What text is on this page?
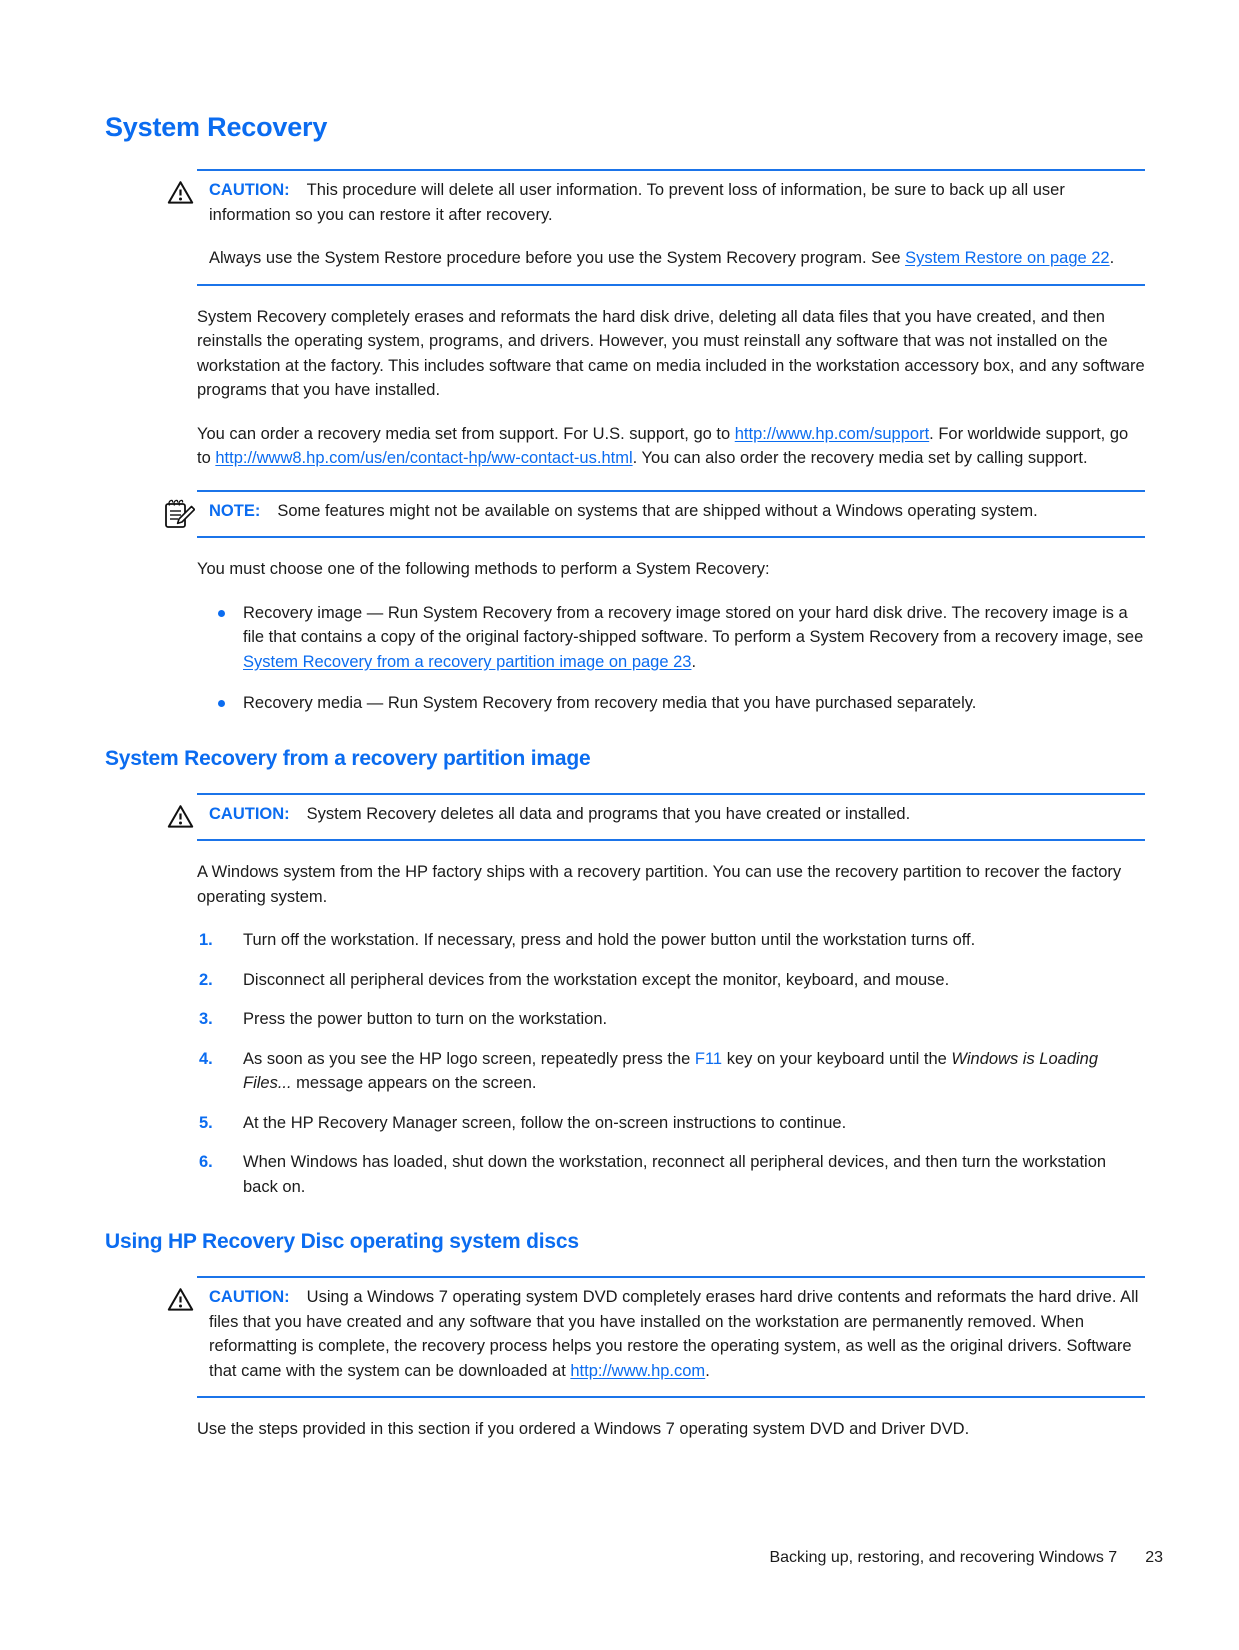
System Recovery

CAUTION: This procedure will delete all user information. To prevent loss of information, be sure to back up all user information so you can restore it after recovery.

Always use the System Restore procedure before you use the System Recovery program. See System Restore on page 22.

System Recovery completely erases and reformats the hard disk drive, deleting all data files that you have created, and then reinstalls the operating system, programs, and drivers. However, you must reinstall any software that was not installed on the workstation at the factory. This includes software that came on media included in the workstation accessory box, and any software programs that you have installed.

You can order a recovery media set from support. For U.S. support, go to http://www.hp.com/support. For worldwide support, go to http://www8.hp.com/us/en/contact-hp/ww-contact-us.html. You can also order the recovery media set by calling support.

NOTE: Some features might not be available on systems that are shipped without a Windows operating system.

You must choose one of the following methods to perform a System Recovery:

Recovery image — Run System Recovery from a recovery image stored on your hard disk drive. The recovery image is a file that contains a copy of the original factory-shipped software. To perform a System Recovery from a recovery image, see System Recovery from a recovery partition image on page 23.
Recovery media — Run System Recovery from recovery media that you have purchased separately.
System Recovery from a recovery partition image

CAUTION: System Recovery deletes all data and programs that you have created or installed.

A Windows system from the HP factory ships with a recovery partition. You can use the recovery partition to recover the factory operating system.

1. Turn off the workstation. If necessary, press and hold the power button until the workstation turns off.
2. Disconnect all peripheral devices from the workstation except the monitor, keyboard, and mouse.
3. Press the power button to turn on the workstation.
4. As soon as you see the HP logo screen, repeatedly press the F11 key on your keyboard until the Windows is Loading Files... message appears on the screen.
5. At the HP Recovery Manager screen, follow the on-screen instructions to continue.
6. When Windows has loaded, shut down the workstation, reconnect all peripheral devices, and then turn the workstation back on.
Using HP Recovery Disc operating system discs

CAUTION: Using a Windows 7 operating system DVD completely erases hard drive contents and reformats the hard drive. All files that you have created and any software that you have installed on the workstation are permanently removed. When reformatting is complete, the recovery process helps you restore the operating system, as well as the original drivers. Software that came with the system can be downloaded at http://www.hp.com.

Use the steps provided in this section if you ordered a Windows 7 operating system DVD and Driver DVD.

Backing up, restoring, and recovering Windows 7 23
